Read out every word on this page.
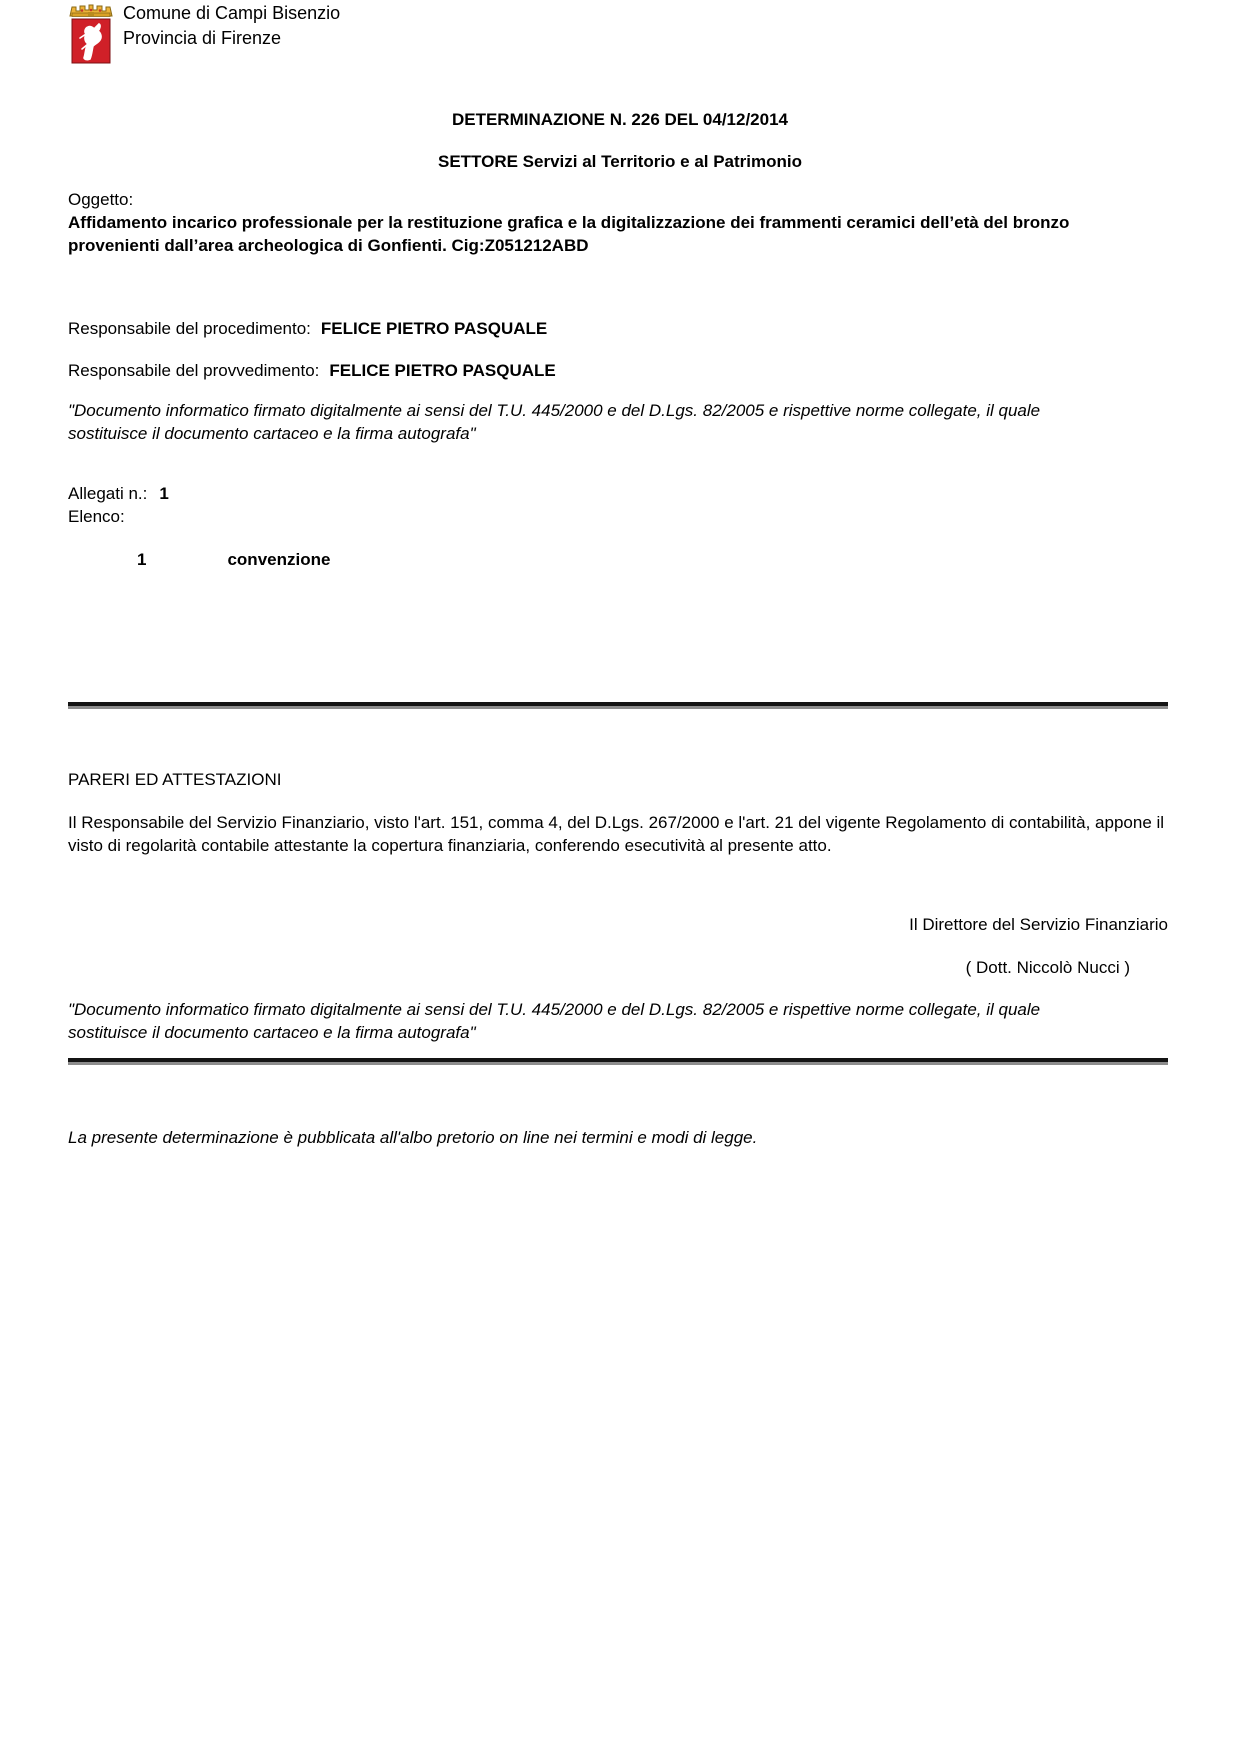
Comune di Campi Bisenzio
Provincia di Firenze
DETERMINAZIONE N. 226 DEL 04/12/2014
SETTORE Servizi al Territorio e al Patrimonio
Oggetto:
Affidamento incarico professionale per la restituzione grafica e la digitalizzazione dei frammenti ceramici dell’età del bronzo provenienti dall’area archeologica di Gonfienti. Cig:Z051212ABD
Responsabile del procedimento: FELICE PIETRO PASQUALE
Responsabile del provvedimento: FELICE PIETRO PASQUALE
"Documento informatico firmato digitalmente ai sensi del T.U. 445/2000 e del D.Lgs. 82/2005 e rispettive norme collegate, il quale sostituisce il documento cartaceo e la firma autografa"
Allegati n.: 1
Elenco:
1	convenzione
PARERI ED ATTESTAZIONI
Il Responsabile del Servizio Finanziario, visto l'art. 151, comma 4, del D.Lgs. 267/2000 e l'art. 21 del vigente Regolamento di contabilità, appone il visto di regolarità contabile attestante la copertura finanziaria, conferendo esecutività al presente atto.
Il Direttore del Servizio Finanziario
( Dott. Niccolò Nucci )
"Documento informatico firmato digitalmente ai sensi del T.U. 445/2000 e del D.Lgs. 82/2005 e rispettive norme collegate, il quale sostituisce il documento cartaceo e la firma autografa"
La presente determinazione è pubblicata all'albo pretorio on line nei termini e modi di legge.
